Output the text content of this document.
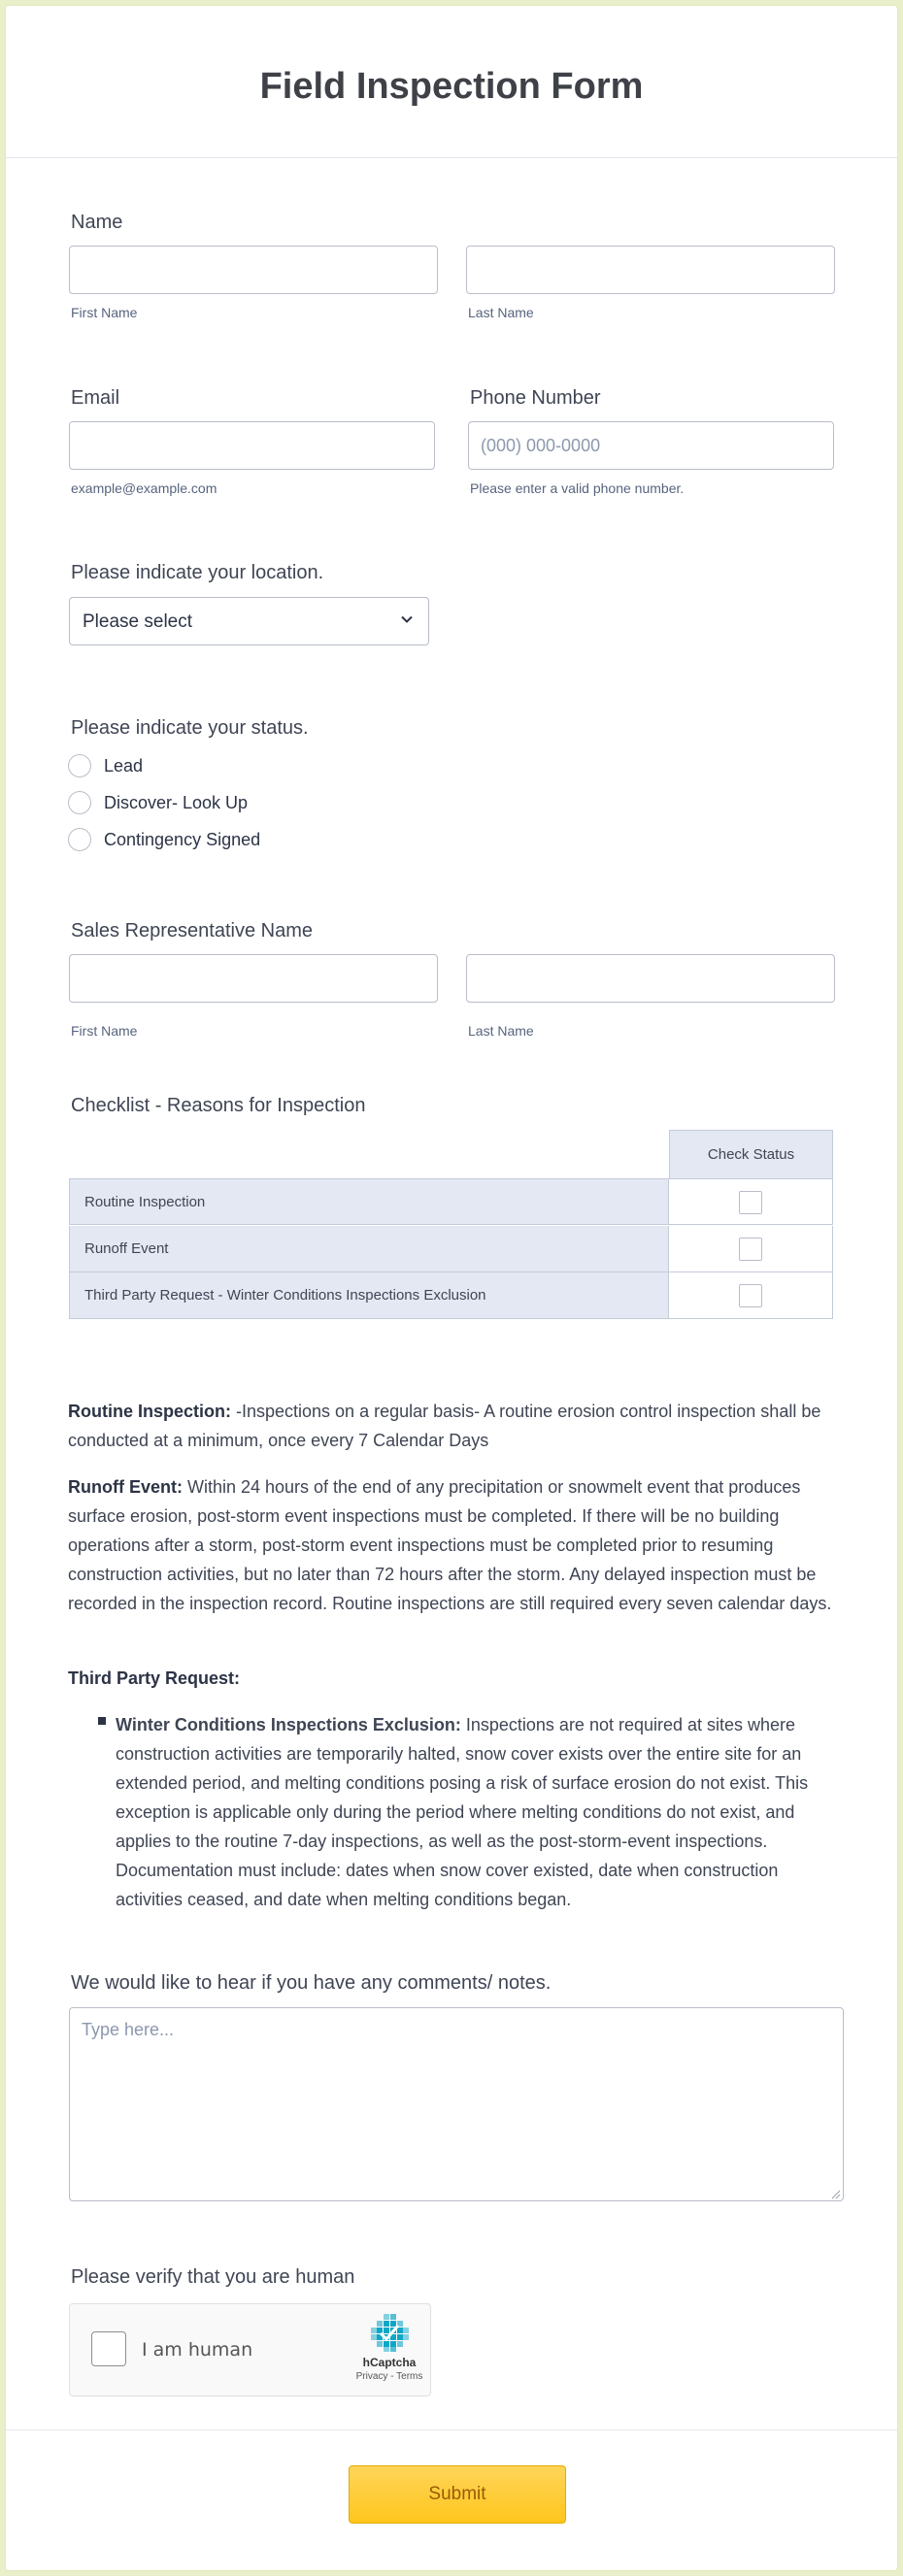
Field Inspection Form
Name
First Name	Last Name
Email
example@example.com
Phone Number
(000) 000-0000
Please enter a valid phone number.
Please indicate your location.
Please select
Please indicate your status.
Lead
Discover- Look Up
Contingency Signed
Sales Representative Name
First Name	Last Name
Checklist - Reasons for Inspection
Check Status
Routine Inspection
Runoff Event
Third Party Request - Winter Conditions Inspections Exclusion
Routine Inspection: -Inspections on a regular basis- A routine erosion control inspection shall be conducted at a minimum, once every 7 Calendar Days
Runoff Event: Within 24 hours of the end of any precipitation or snowmelt event that produces surface erosion, post-storm event inspections must be completed. If there will be no building operations after a storm, post-storm event inspections must be completed prior to resuming construction activities, but no later than 72 hours after the storm. Any delayed inspection must be recorded in the inspection record. Routine inspections are still required every seven calendar days.
Third Party Request:
Winter Conditions Inspections Exclusion: Inspections are not required at sites where construction activities are temporarily halted, snow cover exists over the entire site for an extended period, and melting conditions posing a risk of surface erosion do not exist. This exception is applicable only during the period where melting conditions do not exist, and applies to the routine 7-day inspections, as well as the post-storm-event inspections. Documentation must include: dates when snow cover existed, date when construction activities ceased, and date when melting conditions began.
We would like to hear if you have any comments/ notes.
Type here...
Please verify that you are human
I am human
hCaptcha
Privacy - Terms
Submit
